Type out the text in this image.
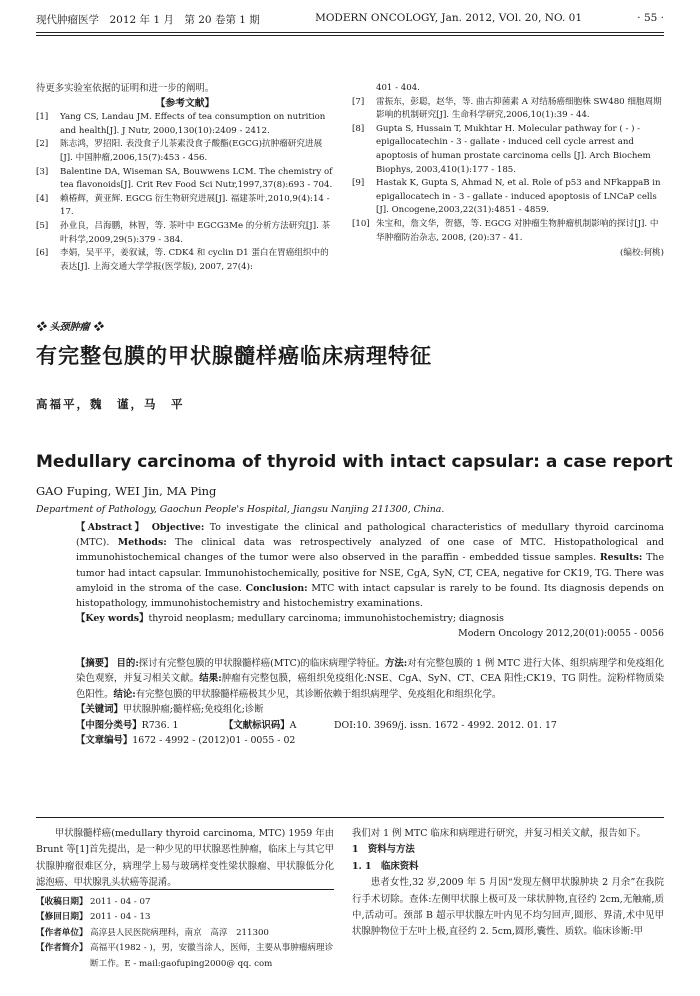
现代肿瘤医学　2012 年 1 月　第 20 卷第 1 期	MODERN ONCOLOGY, Jan. 2012, VOl. 20, NO. 01	· 55 ·
待更多实验室依据的证明和进一步的阐明。
【参考文献】
[1]	Yang CS, Landau JM. Effects of tea consumption on nutrition and health[J]. J Nutr, 2000,130(10):2409 - 2412.
[2]	陈志鸿，罗招阳. 表没食子儿茶素没食子酸酯(EGCG)抗肿瘤研究进展[J]. 中国肿瘤,2006,15(7):453 - 456.
[3]	Balentine DA, Wiseman SA, Bouwwens LCM. The chemistry of tea flavonoids[J]. Crit Rev Food Sci Nutr,1997,37(8):693 - 704.
[4]	赖椿辉，黄亚辉. EGCG 衍生物研究进展[J]. 福建茶叶,2010,9(4):14 - 17.
[5]	孙业良，吕海鹏，林智，等. 茶叶中 EGCG3Me 的分析方法研究[J]. 茶叶科学,2009,29(5):379 - 384.
[6]	李娟，吴平平，姜叙诚，等. CDK4 和 cyclin D1 蛋白在胃癌组织中的表达[J]. 上海交通大学学报(医学版), 2007, 27(4):
401 - 404.
[7]	雷振东，彭聪，赵华，等. 曲古抑菌素 A 对结肠癌细胞株 SW480 细胞周期影响的机制研究[J]. 生命科学研究,2006,10(1):39 - 44.
[8]	Gupta S, Hussain T, Mukhtar H. Molecular pathway for ( - ) - epigallocatechin - 3 - gallate - induced cell cycle arrest and apoptosis of human prostate carcinoma cells [J]. Arch Biochem Biophys, 2003,410(1):177 - 185.
[9]	Hastak K, Gupta S, Ahmad N, et al. Role of p53 and NFkappaB in epigallocatech in - 3 - gallate - induced apoptosis of LNCaP cells [J]. Oncogene,2003,22(31):4851 - 4859.
[10] 朱宝和，詹文华，贺德，等. EGCG 对肿瘤生物肿瘤机制影响的探讨[J]. 中华肿瘤防治杂志, 2008, (20):37 - 41.
(编校:何桃)
❖ 头颈肿瘤 ❖
有完整包膜的甲状腺髓样癌临床病理特征
高福平，魏　谨，马　平
Medullary carcinoma of thyroid with intact capsular: a case report
GAO Fuping, WEI Jin, MA Ping
Department of Pathology, Gaochun People's Hospital, Jiangsu Nanjing 211300, China.
【Abstract】 Objective: To investigate the clinical and pathological characteristics of medullary thyroid carcinoma (MTC). Methods: The clinical data was retrospectively analyzed of one case of MTC. Histopathological and immunohistochemical changes of the tumor were also observed in the paraffin - embedded tissue samples. Results: The tumor had intact capsular. Immunohistochemically, positive for NSE, CgA, SyN, CT, CEA, negative for CK19, TG. There was amyloid in the stroma of the case. Conclusion: MTC with intact capsular is rarely to be found. Its diagnosis depends on histopathology, immunohistochemistry and histochemistry examinations.
【Key words】thyroid neoplasm; medullary carcinoma; immunohistochemistry; diagnosis
Modern Oncology 2012,20(01):0055 - 0056
【摘要】 目的:探讨有完整包膜的甲状腺髓样癌(MTC)的临床病理学特征。方法:对有完整包膜的 1 例 MTC 进行大体、组织病理学和免疫组化染色观察，并复习相关文献。结果:肿瘤有完整包膜，癌组织免疫组化:NSE、CgA、SyN、CT、CEA 阳性;CK19、TG 阴性。淀粉样物质染色阳性。结论:有完整包膜的甲状腺髓样癌极其少见，其诊断依赖于组织病理学、免疫组化和组织化学。
【关键词】甲状腺肿瘤;髓样癌;免疫组化;诊断
【中图分类号】R736. 1	【文献标识码】A	DOI:10. 3969/j. issn. 1672 - 4992. 2012. 01. 17
【文章编号】1672 - 4992 - (2012)01 - 0055 - 02
甲状腺髓样癌(medullary thyroid carcinoma, MTC) 1959 年由 Brunt 等[1]首先提出，是一种少见的甲状腺恶性肿瘤，临床上与其它甲状腺肿瘤很难区分，病理学上易与玻璃样变性梁状腺瘤、甲状腺低分化滤泡癌、甲状腺乳头状癌等混淆。
我们对 1 例 MTC 临床和病理进行研究，并复习相关文献，报告如下。
1　资料与方法
1. 1　临床资料
患者女性,32 岁,2009 年 5 月因“发现左侧甲状腺肿块 2 月余”在我院行手术切除。查体:左侧甲状腺上极可及一球状肿物,直径约 2cm,无触痛,质中,活动可。颈部 B 超示甲状腺左叶内见不均匀回声,圆形、界清,术中见甲状腺肿物位于左叶上极,直径约 2. 5cm,圆形,囊性、质软。临床诊断:甲
【收稿日期】 2011 - 04 - 07
【修回日期】 2011 - 04 - 13
【作者单位】 高淳县人民医院病理科，南京　高淳　211300
【作者简介】 高福平(1982 - )，男，安徽当涂人，医师，主要从事肿瘤病理诊断工作。E - mail:gaofuping2000@ qq. com
